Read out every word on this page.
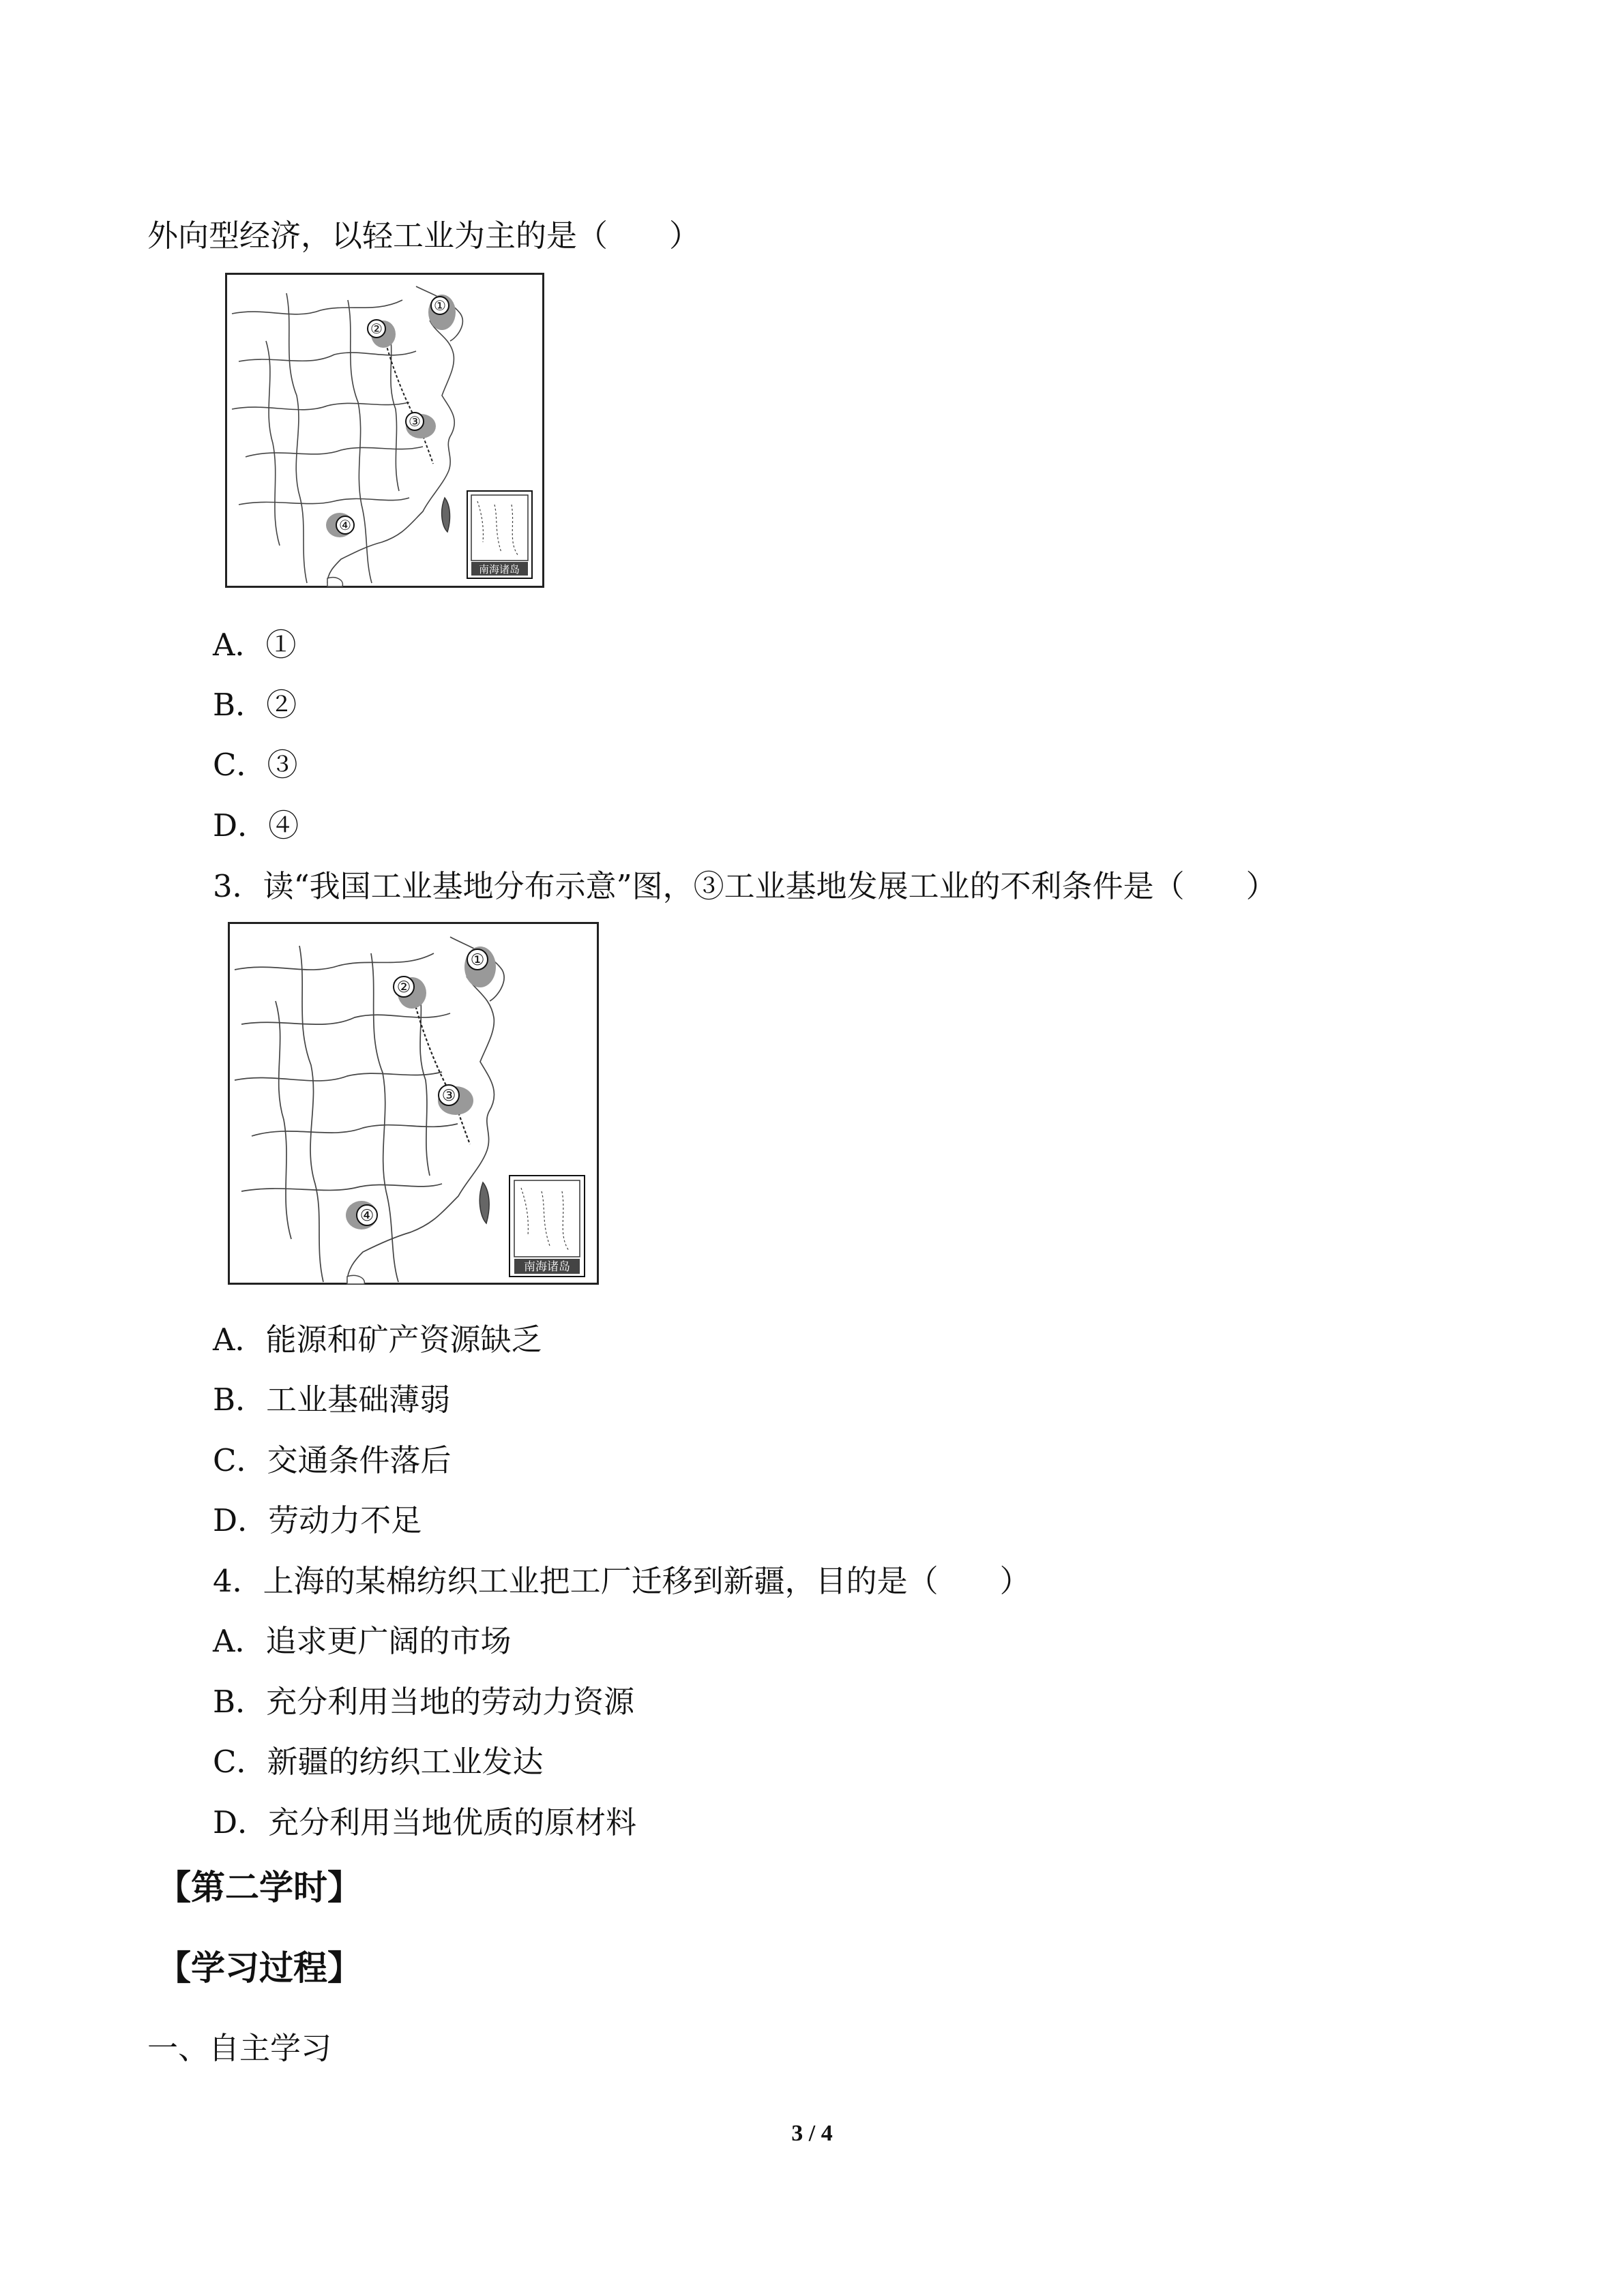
外向型经济，以轻工业为主的是（　　）
①
②
③
④
南海诸岛
A．①
B．②
C．③
D．④
3．读“我国工业基地分布示意”图，③工业基地发展工业的不利条件是（　　）
①
②
③
④
南海诸岛
A．能源和矿产资源缺乏
B．工业基础薄弱
C．交通条件落后
D．劳动力不足
4．上海的某棉纺织工业把工厂迁移到新疆，目的是（　　）
A．追求更广阔的市场
B．充分利用当地的劳动力资源
C．新疆的纺织工业发达
D．充分利用当地优质的原材料
【第二学时】
【学习过程】
一、自主学习
3 / 4
